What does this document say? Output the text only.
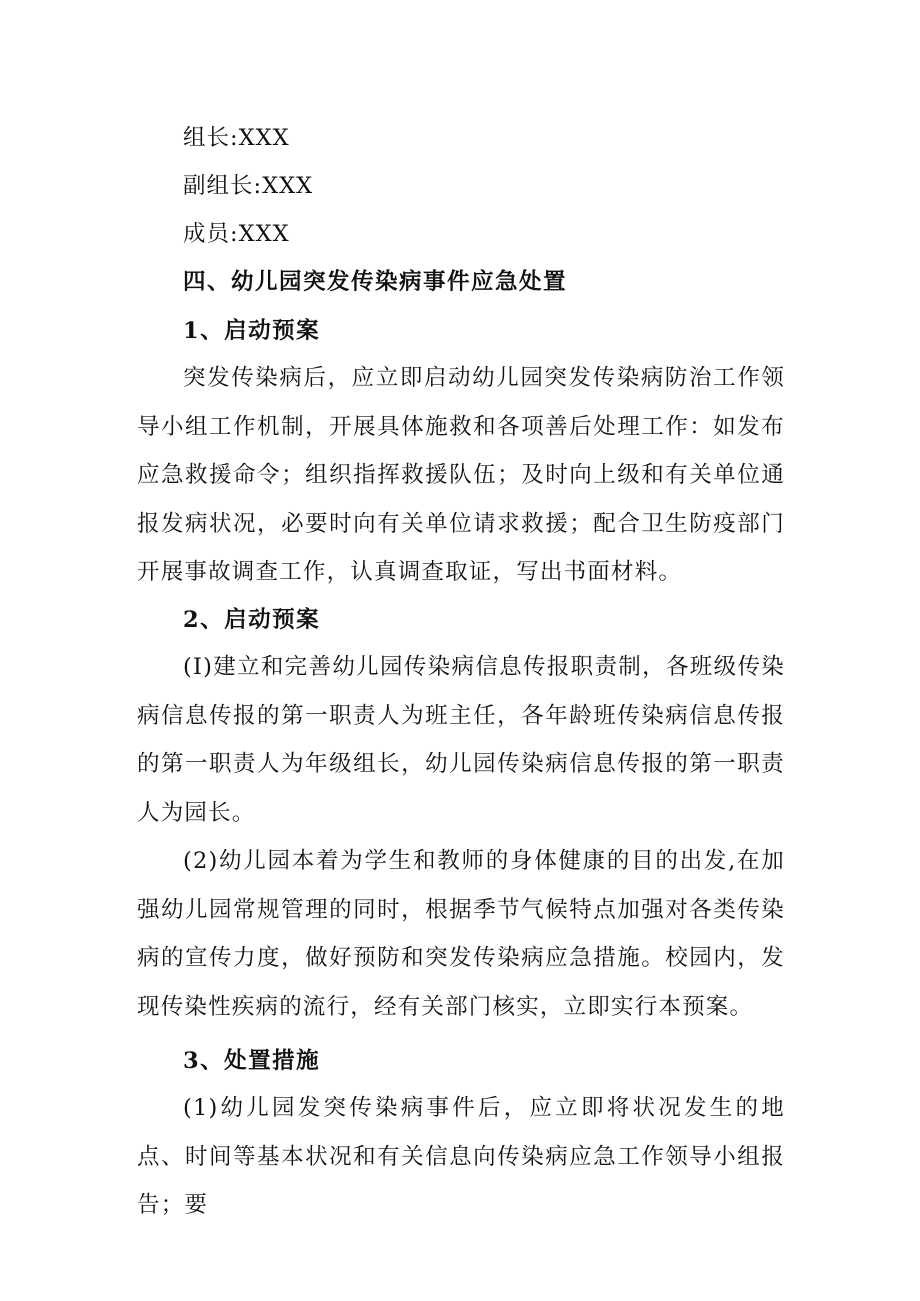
组长:XXX
副组长:XXX
成员:XXX
四、幼儿园突发传染病事件应急处置
1、启动预案
突发传染病后，应立即启动幼儿园突发传染病防治工作领导小组工作机制，开展具体施救和各项善后处理工作：如发布应急救援命令；组织指挥救援队伍；及时向上级和有关单位通报发病状况，必要时向有关单位请求救援；配合卫生防疫部门开展事故调查工作，认真调查取证，写出书面材料。
2、启动预案
(I)建立和完善幼儿园传染病信息传报职责制，各班级传染病信息传报的第一职责人为班主任，各年龄班传染病信息传报的第一职责人为年级组长，幼儿园传染病信息传报的第一职责人为园长。
(2)幼儿园本着为学生和教师的身体健康的目的出发,在加强幼儿园常规管理的同时，根据季节气候特点加强对各类传染病的宣传力度，做好预防和突发传染病应急措施。校园内，发现传染性疾病的流行，经有关部门核实，立即实行本预案。
3、处置措施
(1)幼儿园发突传染病事件后，应立即将状况发生的地点、时间等基本状况和有关信息向传染病应急工作领导小组报告；要
